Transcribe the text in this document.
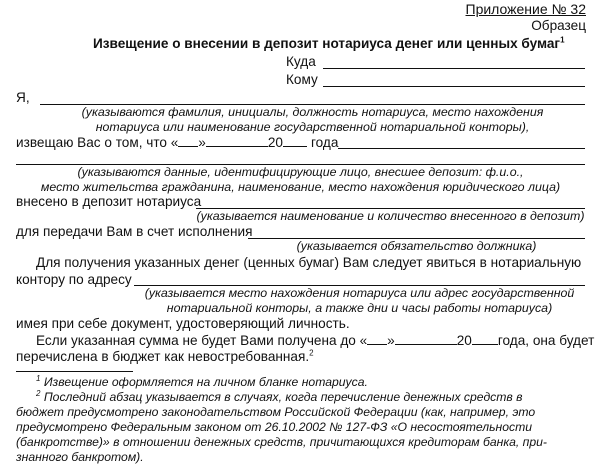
Приложение № 32
Образец
Извещение о внесении в депозит нотариуса денег или ценных бумаг$^1$
Куда
Кому
Я,
(указываются фамилия, инициалы, должность нотариуса, место нахождения
нотариуса или наименование государственной нотариальной конторы),
извещаю Вас о том, что « »	20 года
(указываются данные, идентифицирующие лицо, внесшее депозит: ф.и.о.,
место жительства гражданина, наименование, место нахождения юридического лица)
внесено в депозит нотариуса
(указывается наименование и количество внесенного в депозит)
для передачи Вам в счет исполнения
(указывается обязательство должника)
Для получения указанных денег (ценных бумаг) Вам следует явиться в нотариальную
контору по адресу
(указывается место нахождения нотариуса или адрес государственной
нотариальной конторы, а также дни и часы работы нотариуса)
имея при себе документ, удостоверяющий личность.
Если указанная сумма не будет Вами получена до « »	20 года, она будет
перечислена в бюджет как невостребованная.$^2$
$^1$ Извещение оформляется на личном бланке нотариуса.
$^2$ Последний абзац указывается в случаях, когда перечисление денежных средств в
бюджет предусмотрено законодательством Российской Федерации (как, например, это
предусмотрено Федеральным законом от 26.10.2002 № 127-ФЗ «О несостоятельности
(банкротстве)» в отношении денежных средств, причитающихся кредиторам банка, при-
знанного банкротом).
